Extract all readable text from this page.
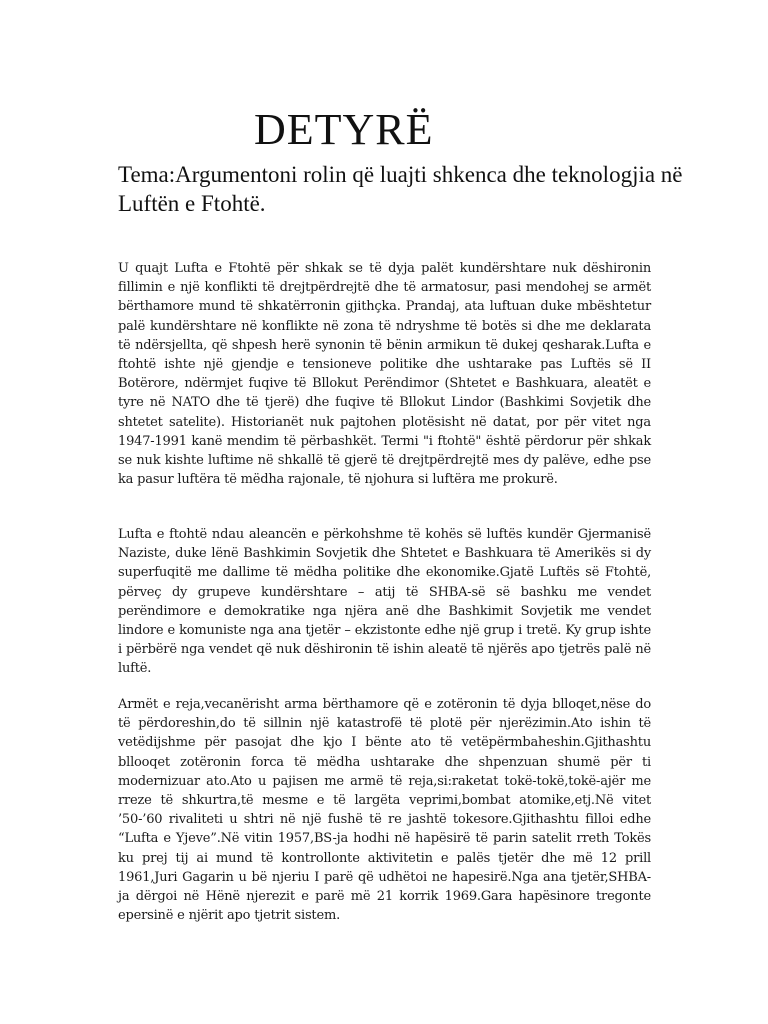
DETYRË
Tema:Argumentoni rolin që luajti shkenca dhe teknologjia në Luftën e Ftohtë.

U quajt Lufta e Ftohtë për shkak se të dyja palët kundërshtare nuk dëshironin fillimin e një konflikti të drejtpërdrejtë dhe të armatosur, pasi mendohej se armët bërthamore mund të shkatërronin gjithçka. Prandaj, ata luftuan duke mbështetur palë kundërshtare në konflikte në zona të ndryshme të botës si dhe me deklarata të ndërsjellta, që shpesh herë synonin të bënin armikun të dukej qesharak.Lufta e ftohtë ishte një gjendje e tensioneve politike dhe ushtarake pas Luftës së II Botërore, ndërmjet fuqive të Bllokut Perëndimor (Shtetet e Bashkuara, aleatët e tyre në NATO dhe të tjerë) dhe fuqive të Bllokut Lindor (Bashkimi Sovjetik dhe shtetet satelite). Historianët nuk pajtohen plotësisht në datat, por për vitet nga 1947-1991 kanë mendim të përbashkët. Termi "i ftohtë" është përdorur për shkak se nuk kishte luftime në shkallë të gjerë të drejtpërdrejtë mes dy palëve, edhe pse ka pasur luftëra të mëdha rajonale, të njohura si luftëra me prokurë.

Lufta e ftohtë ndau aleancën e përkohshme të kohës së luftës kundër Gjermanisë Naziste, duke lënë Bashkimin Sovjetik dhe Shtetet e Bashkuara të Amerikës si dy superfuqitë me dallime të mëdha politike dhe ekonomike.Gjatë Luftës së Ftohtë, përveç dy grupeve kundërshtare – atij të SHBA-së së bashku me vendet perëndimore e demokratike nga njëra anë dhe Bashkimit Sovjetik me vendet lindore e komuniste nga ana tjetër – ekzistonte edhe një grup i tretë. Ky grup ishte i përbërë nga vendet që nuk dëshironin të ishin aleatë të njërës apo tjetrës palë në luftë.

Armët e reja,vecanërisht arma bërthamore që e zotëronin të dyja blloqet,nëse do të përdoreshin,do të sillnin një katastrofë të plotë për njerëzimin.Ato ishin të vetëdijshme për pasojat dhe kjo I bënte ato të vetëpërmbaheshin.Gjithashtu bllooqet zotëronin forca të mëdha ushtarake dhe shpenzuan shumë për ti modernizuar ato.Ato u pajisen me armë të reja,si:raketat tokë-tokë,tokë-ajër me rreze të shkurtra,të mesme e të largëta veprimi,bombat atomike,etj.Në vitet ’50-’60 rivaliteti u shtri në një fushë të re jashtë tokesore.Gjithashtu filloi edhe “Lufta e Yjeve”.Në vitin 1957,BS-ja hodhi në hapësirë të parin satelit rreth Tokës ku prej tij ai mund të kontrollonte aktivitetin e palës tjetër dhe më 12 prill 1961,Juri Gagarin u bë njeriu I parë që udhëtoi ne hapesirë.Nga ana tjetër,SHBA-ja dërgoi në Hënë njerezit e parë më 21 korrik 1969.Gara hapësinore tregonte epersinë e njërit apo tjetrit sistem.
